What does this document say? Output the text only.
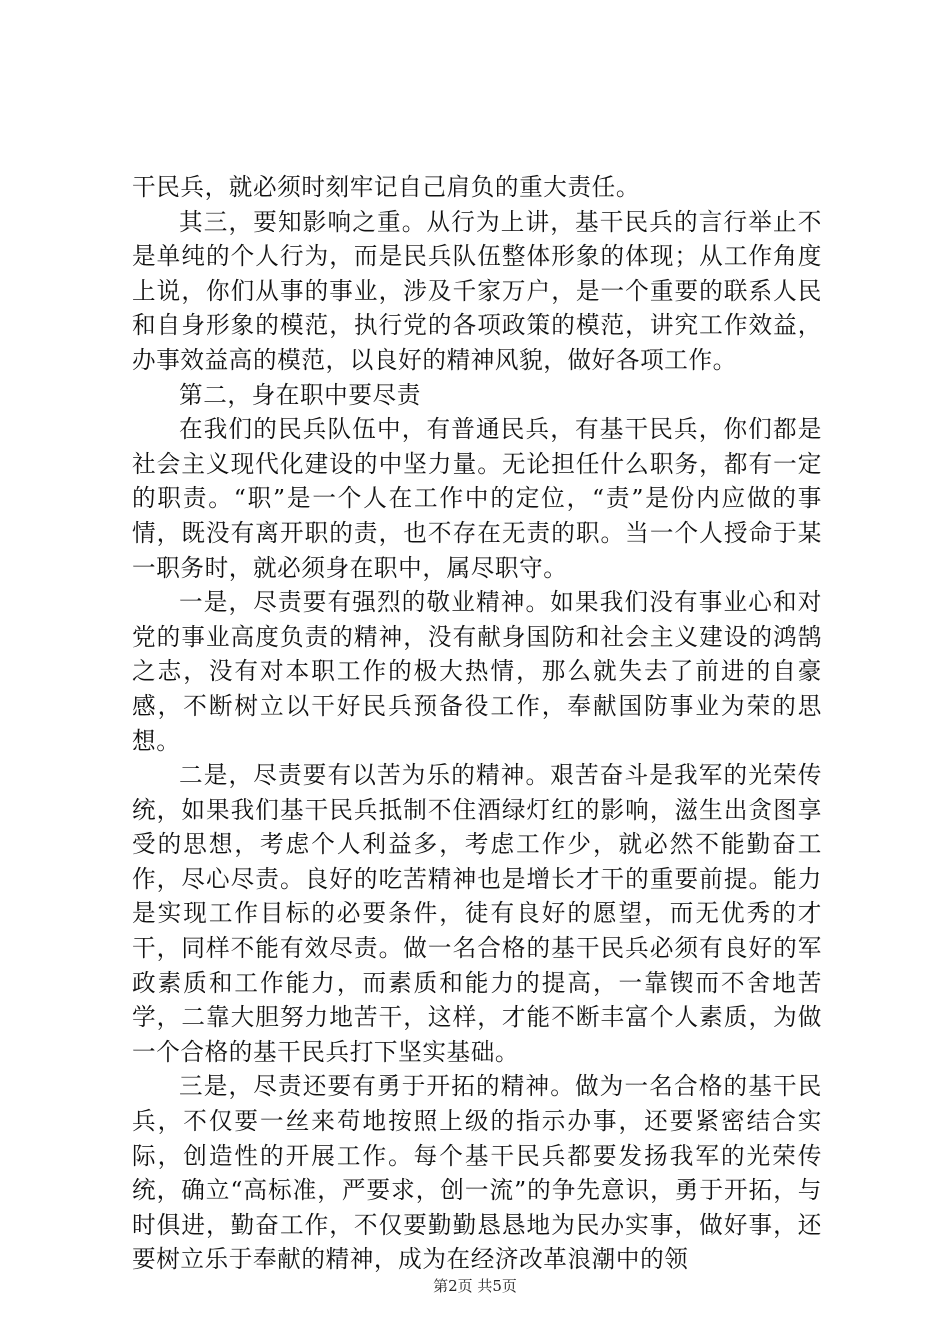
干民兵，就必须时刻牢记自己肩负的重大责任。

其三，要知影响之重。从行为上讲，基干民兵的言行举止不是单纯的个人行为，而是民兵队伍整体形象的体现；从工作角度上说，你们从事的事业，涉及千家万户，是一个重要的联系人民和自身形象的模范，执行党的各项政策的模范，讲究工作效益，办事效益高的模范，以良好的精神风貌，做好各项工作。

第二，身在职中要尽责

在我们的民兵队伍中，有普通民兵，有基干民兵，你们都是社会主义现代化建设的中坚力量。无论担任什么职务，都有一定的职责。“职”是一个人在工作中的定位，“责”是份内应做的事情，既没有离开职的责，也不存在无责的职。当一个人授命于某一职务时，就必须身在职中，属尽职守。

一是，尽责要有强烈的敬业精神。如果我们没有事业心和对党的事业高度负责的精神，没有献身国防和社会主义建设的鸿鹄之志，没有对本职工作的极大热情，那么就失去了前进的自豪感，不断树立以干好民兵预备役工作，奉献国防事业为荣的思想。

二是，尽责要有以苦为乐的精神。艰苦奋斗是我军的光荣传统，如果我们基干民兵抵制不住酒绿灯红的影响，滋生出贪图享受的思想，考虑个人利益多，考虑工作少，就必然不能勤奋工作，尽心尽责。良好的吃苦精神也是增长才干的重要前提。能力是实现工作目标的必要条件，徒有良好的愿望，而无优秀的才干，同样不能有效尽责。做一名合格的基干民兵必须有良好的军政素质和工作能力，而素质和能力的提高，一靠锲而不舍地苦学，二靠大胆努力地苦干，这样，才能不断丰富个人素质，为做一个合格的基干民兵打下坚实基础。

三是，尽责还要有勇于开拓的精神。做为一名合格的基干民兵，不仅要一丝来苟地按照上级的指示办事，还要紧密结合实际，创造性的开展工作。每个基干民兵都要发扬我军的光荣传统，确立“高标准，严要求，创一流”的争先意识，勇于开拓，与时俱进，勤奋工作，不仅要勤勤恳恳地为民办实事，做好事，还要树立乐于奉献的精神，成为在经济改革浪潮中的领

第2页 共5页
